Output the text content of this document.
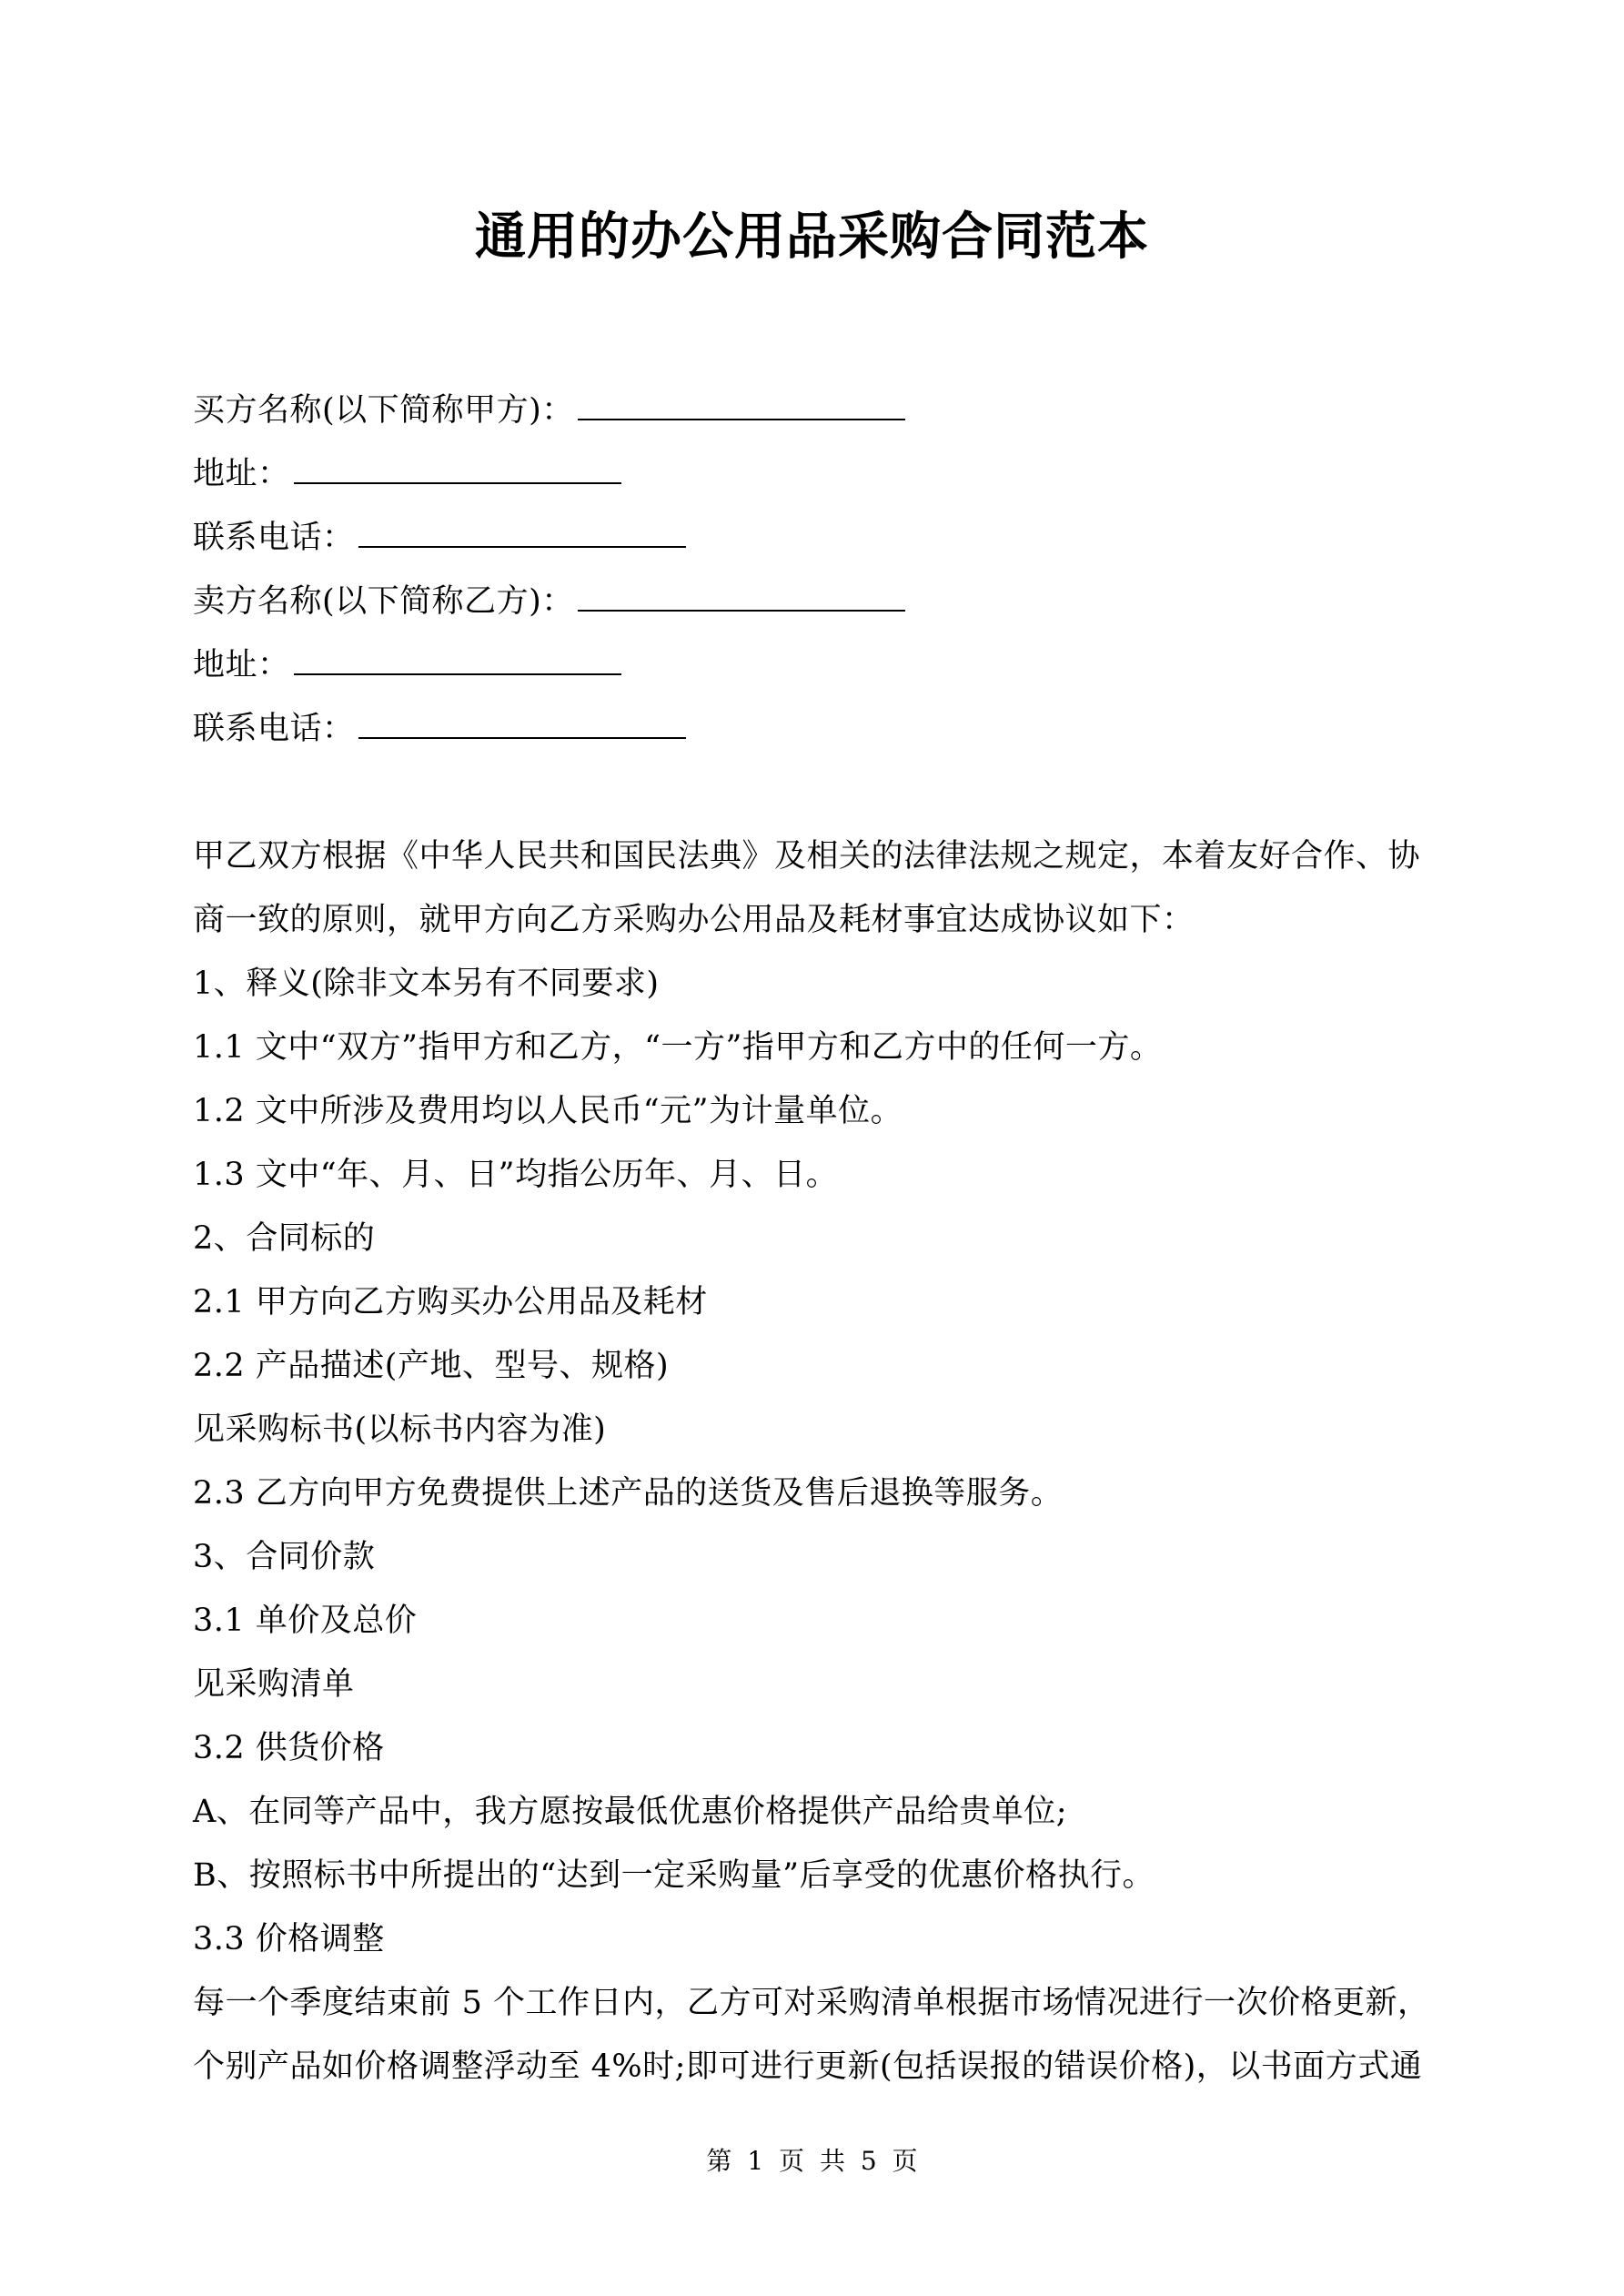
通用的办公用品采购合同范本
买方名称(以下简称甲方)：
地址：
联系电话：
卖方名称(以下简称乙方)：
地址：
联系电话：
甲乙双方根据《中华人民共和国民法典》及相关的法律法规之规定，本着友好合作、协
商一致的原则，就甲方向乙方采购办公用品及耗材事宜达成协议如下：
1、释义(除非文本另有不同要求)
1.1 文中“双方”指甲方和乙方，“一方”指甲方和乙方中的任何一方。
1.2 文中所涉及费用均以人民币“元”为计量单位。
1.3 文中“年、月、日”均指公历年、月、日。
2、合同标的
2.1 甲方向乙方购买办公用品及耗材
2.2 产品描述(产地、型号、规格)
见采购标书(以标书内容为准)
2.3 乙方向甲方免费提供上述产品的送货及售后退换等服务。
3、合同价款
3.1 单价及总价
见采购清单
3.2 供货价格
A、在同等产品中，我方愿按最低优惠价格提供产品给贵单位;
B、按照标书中所提出的“达到一定采购量”后享受的优惠价格执行。
3.3 价格调整
每一个季度结束前 5 个工作日内，乙方可对采购清单根据市场情况进行一次价格更新，
个别产品如价格调整浮动至 4%时;即可进行更新(包括误报的错误价格)，以书面方式通
第 1 页 共 5 页
